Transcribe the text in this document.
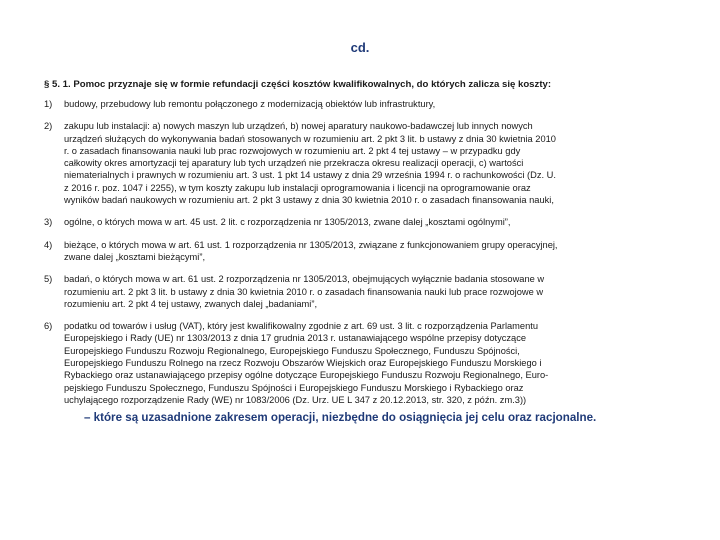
cd.
§ 5. 1. Pomoc przyznaje się w formie refundacji części kosztów kwalifikowalnych, do których zalicza się koszty:
1)	budowy, przebudowy lub remontu połączonego z modernizacją obiektów lub infrastruktury,
2)	zakupu lub instalacji: a) nowych maszyn lub urządzeń, b) nowej aparatury naukowo-badawczej lub innych nowych
urządzeń służących do wykonywania badań stosowanych w rozumieniu art. 2 pkt 3 lit. b ustawy z dnia 30 kwietnia 2010
r. o zasadach finansowania nauki lub prac rozwojowych w rozumieniu art. 2 pkt 4 tej ustawy – w przypadku gdy
całkowity okres amortyzacji tej aparatury lub tych urządzeń nie przekracza okresu realizacji operacji, c) wartości
niematerialnych i prawnych w rozumieniu art. 3 ust. 1 pkt 14 ustawy z dnia 29 września 1994 r. o rachunkowości (Dz. U.
z 2016 r. poz. 1047 i 2255), w tym koszty zakupu lub instalacji oprogramowania i licencji na oprogramowanie oraz
wyników badań naukowych w rozumieniu art. 2 pkt 3 ustawy z dnia 30 kwietnia 2010 r. o zasadach finansowania nauki,
3)	ogólne, o których mowa w art. 45 ust. 2 lit. c rozporządzenia nr 1305/2013, zwane dalej „kosztami ogólnymi”,
4)	bieżące, o których mowa w art. 61 ust. 1 rozporządzenia nr 1305/2013, związane z funkcjonowaniem grupy operacyjnej,
zwane dalej „kosztami bieżącymi”,
5)	badań, o których mowa w art. 61 ust. 2 rozporządzenia nr 1305/2013, obejmujących wyłącznie badania stosowane w
rozumieniu art. 2 pkt 3 lit. b ustawy z dnia 30 kwietnia 2010 r. o zasadach finansowania nauki lub prace rozwojowe w
rozumieniu art. 2 pkt 4 tej ustawy, zwanych dalej „badaniami”,
6)	podatku od towarów i usług (VAT), który jest kwalifikowalny zgodnie z art. 69 ust. 3 lit. c rozporządzenia Parlamentu
Europejskiego i Rady (UE) nr 1303/2013 z dnia 17 grudnia 2013 r. ustanawiającego wspólne przepisy dotyczące
Europejskiego Funduszu Rozwoju Regionalnego, Europejskiego Funduszu Społecznego, Funduszu Spójności,
Europejskiego Funduszu Rolnego na rzecz Rozwoju Obszarów Wiejskich oraz Europejskiego Funduszu Morskiego i
Rybackiego oraz ustanawiającego przepisy ogólne dotyczące Europejskiego Funduszu Rozwoju Regionalnego, Euro-
pejskiego Funduszu Społecznego, Funduszu Spójności i Europejskiego Funduszu Morskiego i Rybackiego oraz
uchylającego rozporządzenie Rady (WE) nr 1083/2006 (Dz. Urz. UE L 347 z 20.12.2013, str. 320, z późn. zm.3))
– które są uzasadnione zakresem operacji, niezbędne do osiągnięcia jej celu oraz racjonalne.
